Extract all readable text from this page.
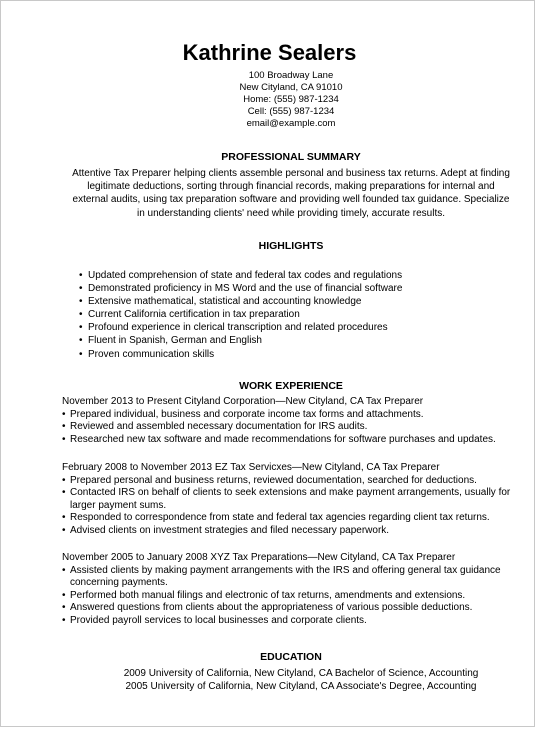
Kathrine Sealers
100 Broadway Lane
New Cityland, CA 91010
Home: (555) 987-1234
Cell: (555) 987-1234
email@example.com
PROFESSIONAL SUMMARY
Attentive Tax Preparer helping clients assemble personal and business tax returns. Adept at finding
legitimate deductions, sorting through financial records, making preparations for internal and
external audits, using tax preparation software and providing well founded tax guidance. Specialize
in understanding clients' need while providing timely, accurate results.
HIGHLIGHTS
• Updated comprehension of state and federal tax codes and regulations
• Demonstrated proficiency in MS Word and the use of financial software
• Extensive mathematical, statistical and accounting knowledge
• Current California certification in tax preparation
• Profound experience in clerical transcription and related procedures
• Fluent in Spanish, German and English
• Proven communication skills
WORK EXPERIENCE

November 2013 to Present Cityland Corporation—New Cityland, CA Tax Preparer

• Prepared individual, business and corporate income tax forms and attachments.
• Reviewed and assembled necessary documentation for IRS audits.
• Researched new tax software and made recommendations for software purchases and updates.

February 2008 to November 2013 EZ Tax Servicxes—New Cityland, CA Tax Preparer

• Prepared personal and business returns, reviewed documentation, searched for deductions.
• Contacted IRS on behalf of clients to seek extensions and make payment arrangements, usually for larger payment sums.
• Responded to correspondence from state and federal tax agencies regarding client tax returns.
• Advised clients on investment strategies and filed necessary paperwork.

November 2005 to January 2008 XYZ Tax Preparations—New Cityland, CA Tax Preparer

• Assisted clients by making payment arrangements with the IRS and offering general tax guidance concerning payments.
• Performed both manual filings and electronic of tax returns, amendments and extensions.
• Answered questions from clients about the appropriateness of various possible deductions.
• Provided payroll services to local businesses and corporate clients.
EDUCATION
2009 University of California, New Cityland, CA Bachelor of Science, Accounting
2005 University of California, New Cityland, CA Associate's Degree, Accounting
